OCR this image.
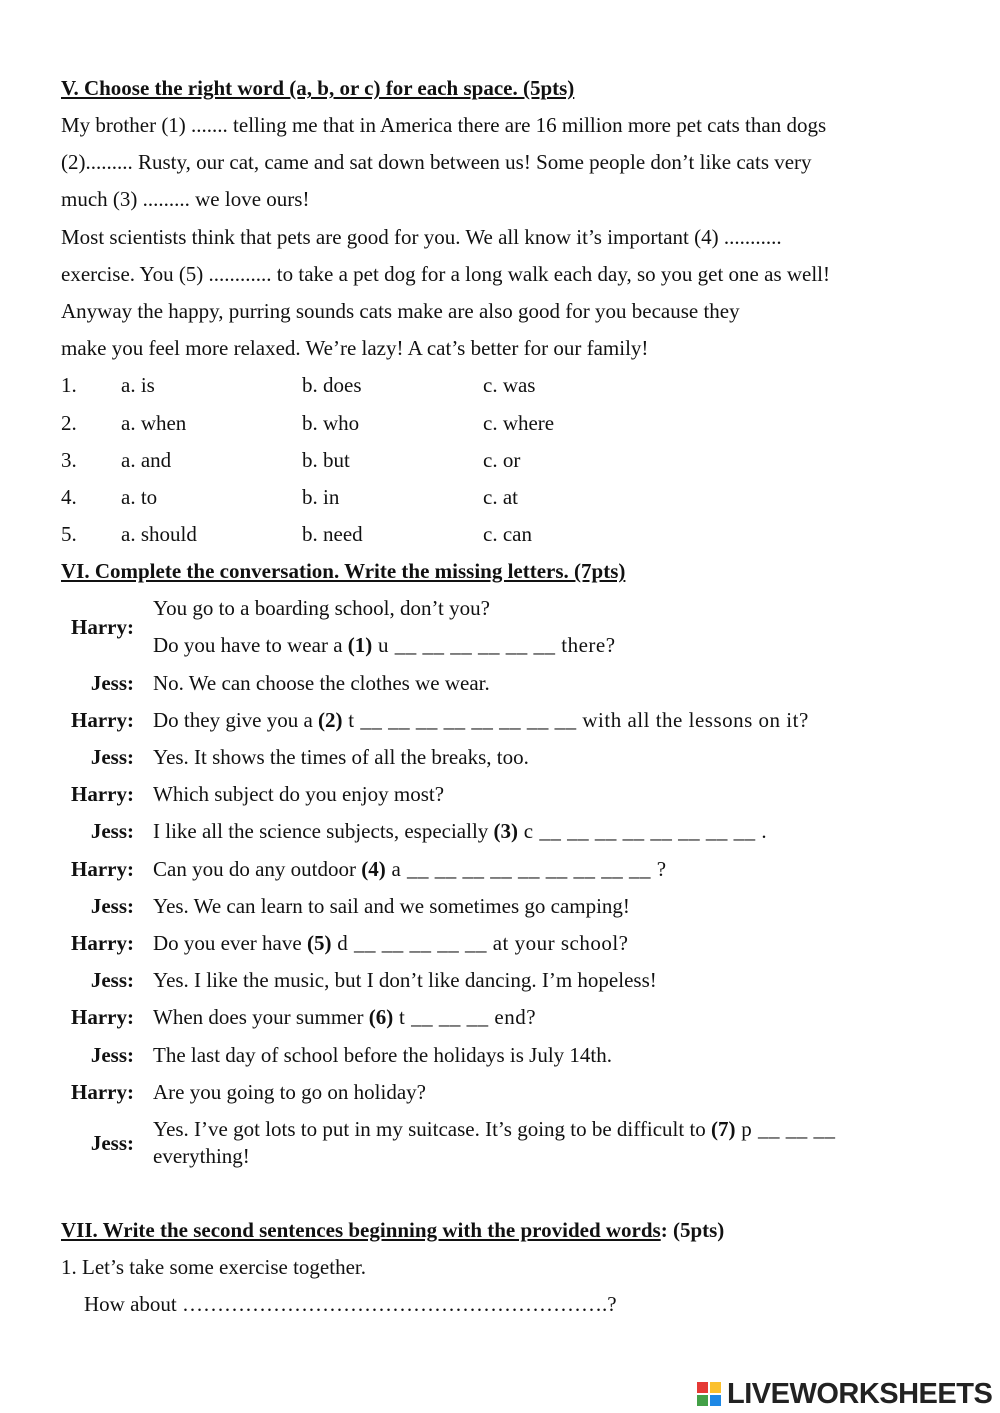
V. Choose the right word (a, b, or c) for each space. (5pts)
My brother (1) ....... telling me that in America there are 16 million more pet cats than dogs
(2)......... Rusty, our cat, came and sat down between us! Some people don’t like cats very
much (3) ......... we love ours!
Most scientists think that pets are good for you. We all know it’s important (4) ...........
exercise. You (5) ............ to take a pet dog for a long walk each day, so you get one as well!
Anyway the happy, purring sounds cats make are also good for you because they
make you feel more relaxed. We’re lazy! A cat’s better for our family!
1. a. is	b. does	c. was
2. a. when	b. who	c. where
3. a. and	b. but	c. or
4. a. to	b. in	c. at
5. a. should	b. need	c. can
VI. Complete the conversation. Write the missing letters. (7pts)
Harry:
You go to a boarding school, don’t you?
Do you have to wear a (1) u __ __ __ __ __ __ there?
Jess: No. We can choose the clothes we wear.
Harry: Do they give you a (2) t __ __ __ __ __ __ __ __ with all the lessons on it?
Jess: Yes. It shows the times of all the breaks, too.
Harry: Which subject do you enjoy most?
Jess: I like all the science subjects, especially (3) c __ __ __ __ __ __ __ __ .
Harry: Can you do any outdoor (4) a __ __ __ __ __ __ __ __ __ ?
Jess: Yes. We can learn to sail and we sometimes go camping!
Harry: Do you ever have (5) d __ __ __ __ __ at your school?
Jess: Yes. I like the music, but I don’t like dancing. I’m hopeless!
Harry: When does your summer (6) t __ __ __ end?
Jess: The last day of school before the holidays is July 14th.
Harry: Are you going to go on holiday?
Jess:
Yes. I’ve got lots to put in my suitcase. It’s going to be difficult to (7) p __ __ __
everything!
VII. Write the second sentences beginning with the provided words: (5pts)
1. Let’s take some exercise together.
How about …………………………………………………….?
LIVEWORKSHEETS
